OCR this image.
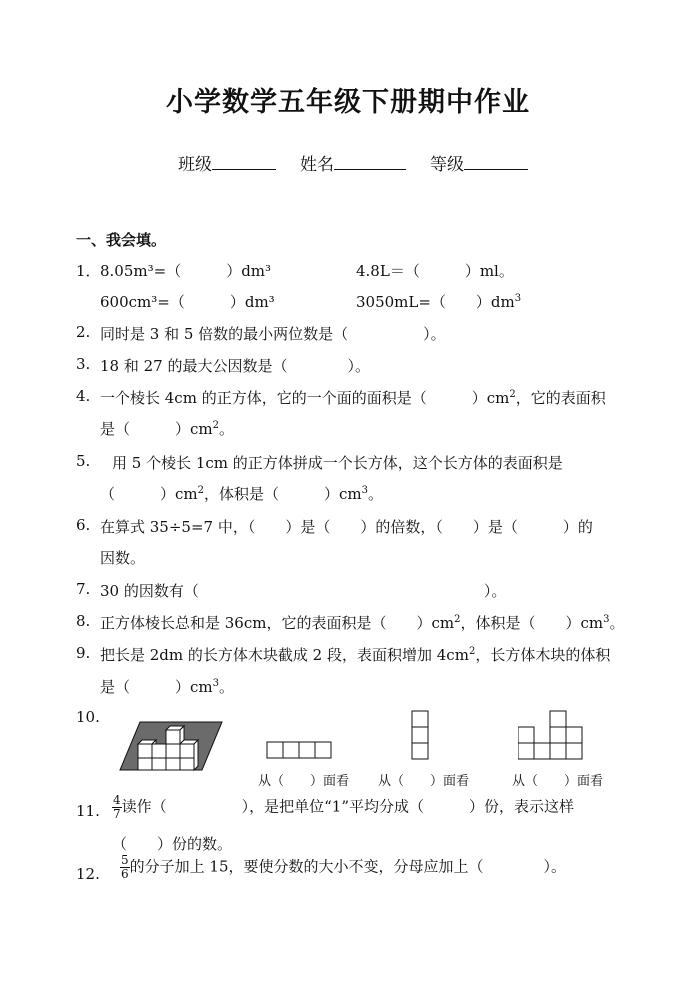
小学数学五年级下册期中作业
班级	姓名	等级
一、我会填。
1． 8.05m³=（　　　）dm³	4.8L＝（　　　）ml。
600cm³=（　　　）dm³	3050mL=（　　）$dm^3$
2. 同时是 3 和 5 倍数的最小两位数是（　　　　　）。
3. 18 和 27 的最大公因数是（　　　　）。
4. 一个棱长 4cm 的正方体，它的一个面的面积是（　　　）$cm^2$，它的表面积
是（　　　）$cm^2$。
5. 用 5 个棱长 1cm 的正方体拼成一个长方体，这个长方体的表面积是
（　　　）$cm^2$，体积是（　　　）$cm^3$。
6. 在算式 35÷5=7 中，（　　）是（　　）的倍数，（　　）是（　　　）的
因数。
7. 30 的因数有（　　　　　　　　　　　　　　　　　　　）。
8. 正方体棱长总和是 36cm，它的表面积是（　　）$cm^2$，体积是（　　）$cm^3$。
9. 把长是 2dm 的长方体木块截成 2 段，表面积增加 $4cm^2$，长方体木块的体积
是（　　　）$cm^3$。
10.
从（　　）面看 从（　　）面看	从（　　）面看
11. $\frac{4}{7}$ 读作（　　　　　），是把单位“1”平均分成（　　　）份，表示这样
（　　）份的数。
12. $\frac{5}{6}$ 的分子加上 15，要使分数的大小不变，分母应加上（　　　　）。
